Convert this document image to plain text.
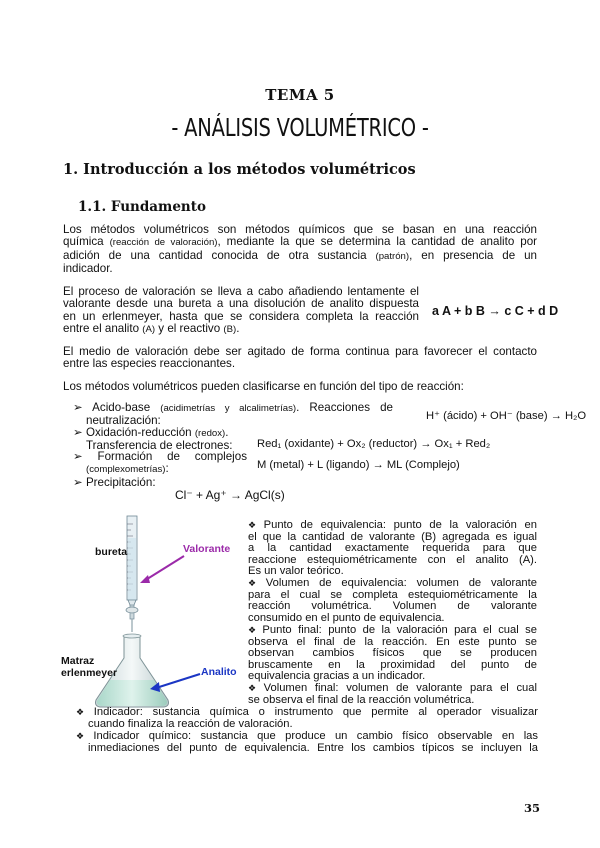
TEMA 5
- ANÁLISIS VOLUMÉTRICO -
1. Introducción a los métodos volumétricos
1.1. Fundamento
Los métodos volumétricos son métodos químicos que se basan en una reacción
química (reacción de valoración), mediante la que se determina la cantidad de analito por
adición de una cantidad conocida de otra sustancia (patrón), en presencia de un
indicador.
El proceso de valoración se lleva a cabo añadiendo lentamente el
valorante desde una bureta a una disolución de analito dispuesta
en un erlenmeyer, hasta que se considera completa la reacción
entre el analito (A) y el reactivo (B).
a A + b B → c C + d D
El medio de valoración debe ser agitado de forma continua para favorecer el contacto
entre las especies reaccionantes.
Los métodos volumétricos pueden clasificarse en función del tipo de reacción:
➢ Acido-base (acidimetrías y alcalimetrías). Reacciones de
neutralización:	H⁺ (ácido) + OH⁻ (base) → H₂O
➢ Oxidación-reducción (redox).
Transferencia de electrones:	Red₁ (oxidante) + Ox₂ (reductor) → Ox₁ + Red₂
➢ Formación de complejos
(complexometrías):	M (metal) + L (ligando) → ML (Complejo)
➢ Precipitación:
Cl⁻ + Ag⁺ → AgCl(s)
bureta	Valorante
Matraz
erlenmeyer	Analito
❖ Punto de equivalencia: punto de la valoración en
el que la cantidad de valorante (B) agregada es igual
a la cantidad exactamente requerida para que
reaccione estequiométricamente con el analito (A).
Es un valor teórico.
❖ Volumen de equivalencia: volumen de valorante
para el cual se completa estequiométricamente la
reacción volumétrica. Volumen de valorante
consumido en el punto de equivalencia.
❖ Punto final: punto de la valoración para el cual se
observa el final de la reacción. En este punto se
observan cambios físicos que se producen
bruscamente en la proximidad del punto de
equivalencia gracias a un indicador.
❖ Volumen final: volumen de valorante para el cual
se observa el final de la reacción volumétrica.
❖ Indicador: sustancia química o instrumento que permite al operador visualizar
cuando finaliza la reacción de valoración.
❖ Indicador químico: sustancia que produce un cambio físico observable en las
inmediaciones del punto de equivalencia. Entre los cambios típicos se incluyen la
35
